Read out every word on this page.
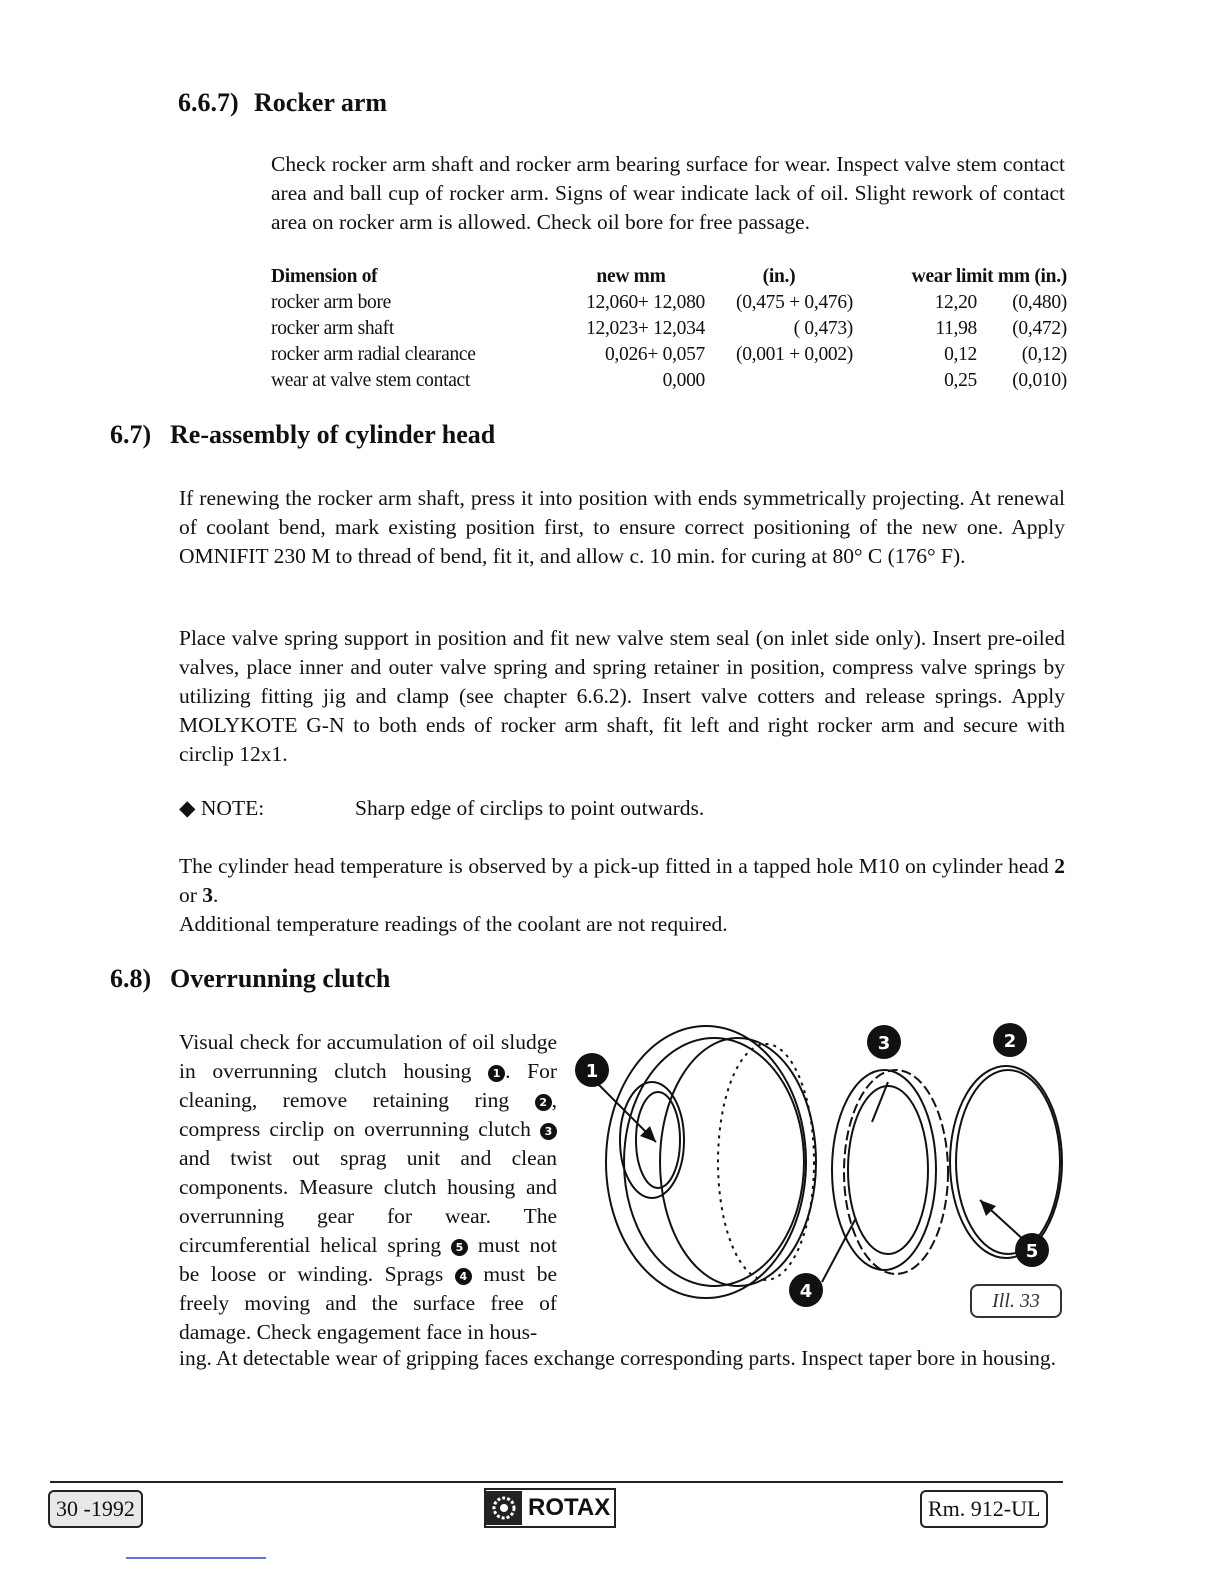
6.6.7) Rocker arm
Check rocker arm shaft and rocker arm bearing surface for wear. Inspect valve stem contact area and ball cup of rocker arm. Signs of wear indicate lack of oil. Slight rework of contact area on rocker arm is allowed. Check oil bore for free passage.
Dimension of	new mm	(in.)	wear limit mm (in.)	
rocker arm bore	12,060+ 12,080	(0,475 + 0,476)	12,20	(0,480)
rocker arm shaft	12,023+ 12,034	( 0,473)	11,98	(0,472)
rocker arm radial clearance	0,026+ 0,057	(0,001 + 0,002)	0,12	(0,12)
wear at valve stem contact	0,000		0,25	(0,010)
6.7) Re-assembly of cylinder head
If renewing the rocker arm shaft, press it into position with ends symmetrically projecting. At renewal of coolant bend, mark existing position first, to ensure correct positioning of the new one. Apply OMNIFIT 230 M to thread of bend, fit it, and allow c. 10 min. for curing at 80° C (176° F).
Place valve spring support in position and fit new valve stem seal (on inlet side only). Insert pre-oiled valves, place inner and outer valve spring and spring retainer in position, compress valve springs by utilizing fitting jig and clamp (see chapter 6.6.2). Insert valve cotters and release springs. Apply MOLYKOTE G-N to both ends of rocker arm shaft, fit left and right rocker arm and secure with circlip 12x1.
◆ NOTE:	Sharp edge of circlips to point outwards.
The cylinder head temperature is observed by a pick-up fitted in a tapped hole M10 on cylinder head 2 or 3.
Additional temperature readings of the coolant are not required.
6.8) Overrunning clutch
Visual check for accumulation of oil sludge in overrunning clutch housing 1 . For cleaning, remove retaining ring	2 , compress circlip on overrunning clutch 3 and twist out sprag unit and clean components. Measure clutch housing and overrunning gear for wear. The circumferential helical spring 5 must not be loose or winding. Sprags 4 must be freely moving and the surface free of damage. Check engagement face in hous-
ing. At detectable wear of gripping faces exchange corresponding parts. Inspect taper bore in housing.
1
3	2
4
5
Ill. 33
30 -1992	ROTAX	Rm. 912-UL
